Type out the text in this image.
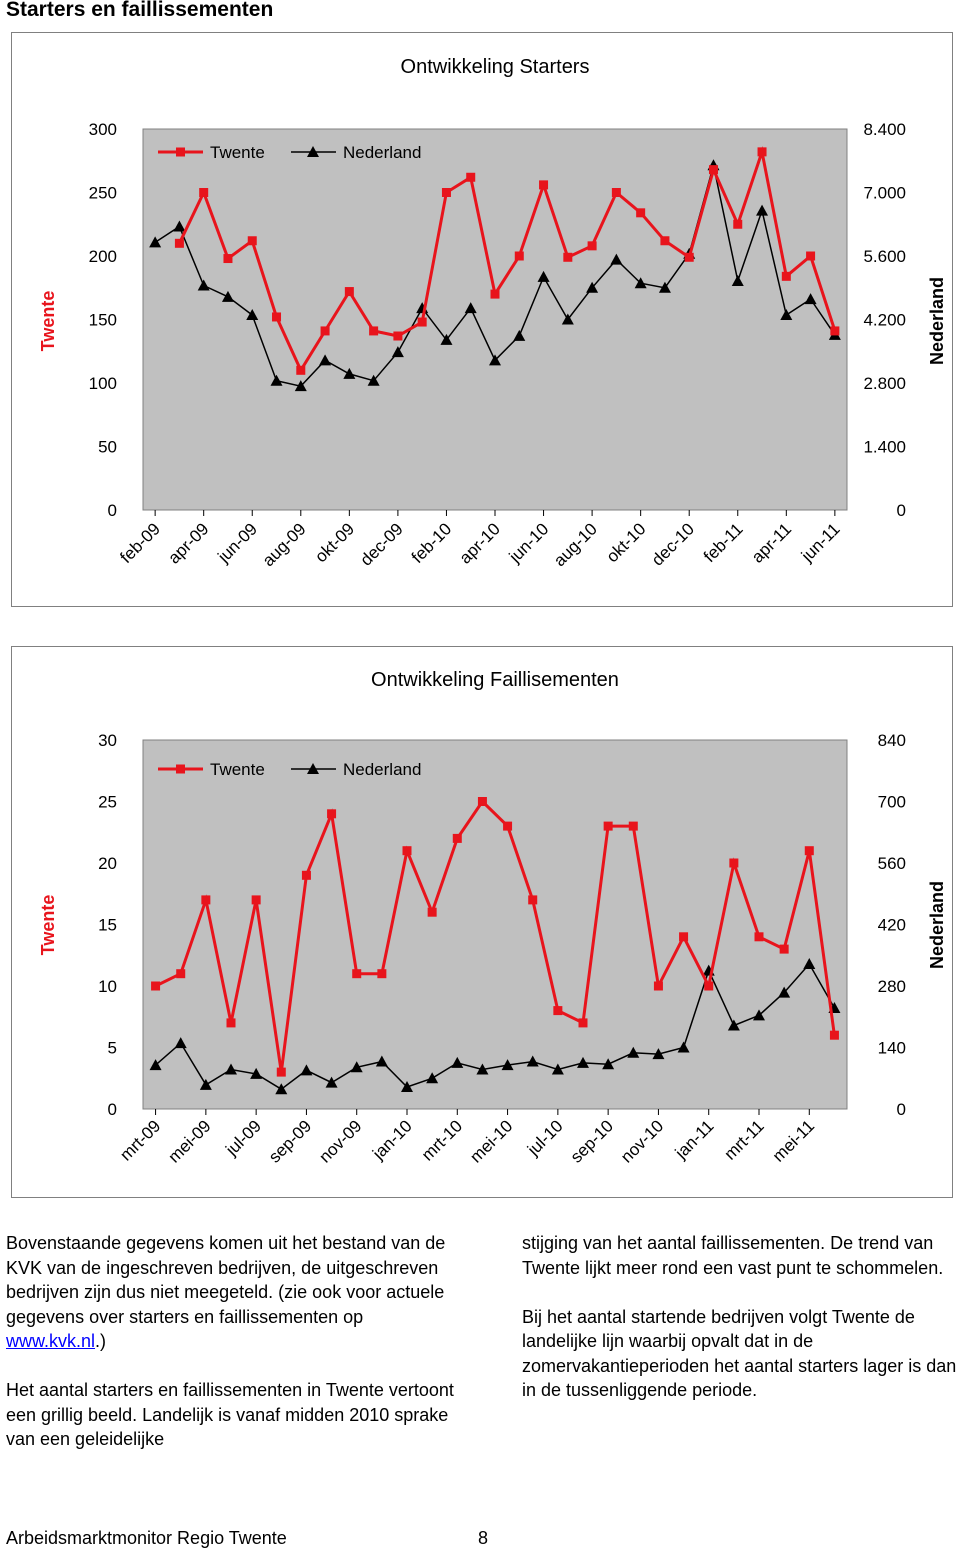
Starters en faillissementen
Ontwikkeling Starters
0
50
100
150
200
250
300
0
1.400
2.800
4.200
5.600
7.000
8.400
Twente	Nederland
feb-09 apr-09 jun-09
aug-09 okt-09
dec-09 feb-10 apr-10 jun-10
aug-10 okt-10
dec-10 feb-11 apr-11 jun-11
Twente	Nederland
Ontwikkeling Faillisementen
0
5
10
15
20
25
30
0
140
280
420
560
700
840
Twente	Nederland
mrt-09 mei-09 jul-09 sep-09 nov-09 jan-10 mrt-10 mei-10 jul-10 sep-10 nov-10 jan-11 mrt-11 mei-11
Twente	Nederland

Bovenstaande gegevens komen uit het bestand van de KVK van de ingeschreven bedrijven, de uitgeschreven bedrijven zijn dus niet meegeteld. (zie ook voor actuele gegevens over starters en faillissementen op www.kvk.nl.)

Het aantal starters en faillissementen in Twente vertoont een grillig beeld. Landelijk is vanaf midden 2010 sprake van een geleidelijke

stijging van het aantal faillissementen. De trend van Twente lijkt meer rond een vast punt te schommelen.

Bij het aantal startende bedrijven volgt Twente de landelijke lijn waarbij opvalt dat in de zomervakantieperioden het aantal starters lager is dan in de tussenliggende periode.

Arbeidsmarktmonitor Regio Twente	8
